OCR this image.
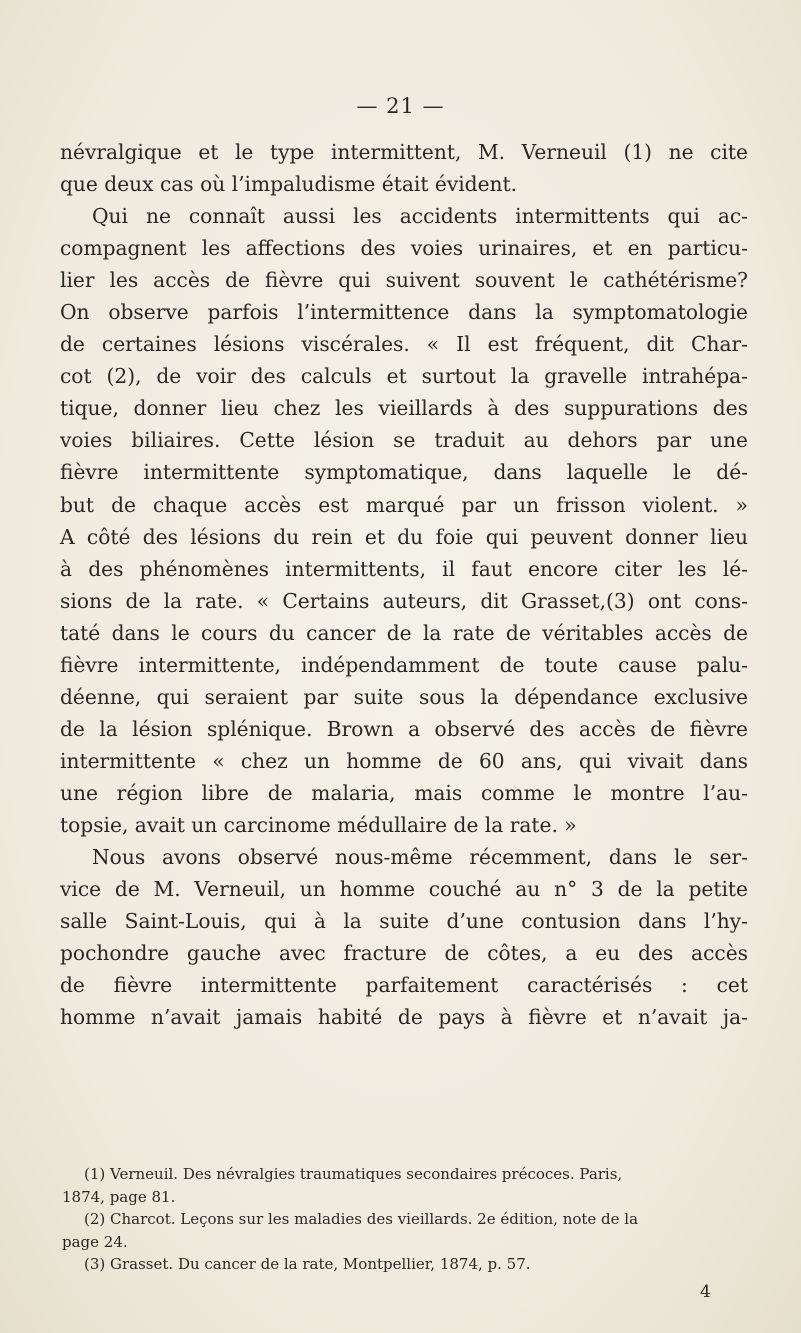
— 21 —
névralgique et le type intermittent, M. Verneuil (1) ne cite
que deux cas où l’impaludisme était évident.
Qui ne connaît aussi les accidents intermittents qui ac-
compagnent les affections des voies urinaires, et en particu-
lier les accès de fièvre qui suivent souvent le cathétérisme?
On observe parfois l’intermittence dans la symptomatologie
de certaines lésions viscérales. « Il est fréquent, dit Char-
cot (2), de voir des calculs et surtout la gravelle intrahépa-
tique, donner lieu chez les vieillards à des suppurations des
voies biliaires. Cette lésion se traduit au dehors par une
fièvre intermittente symptomatique, dans laquelle le dé-
but de chaque accès est marqué par un frisson violent. »
A côté des lésions du rein et du foie qui peuvent donner lieu
à des phénomènes intermittents, il faut encore citer les lé-
sions de la rate. « Certains auteurs, dit Grasset,(3) ont cons-
taté dans le cours du cancer de la rate de véritables accès de
fièvre intermittente, indépendamment de toute cause palu-
déenne, qui seraient par suite sous la dépendance exclusive
de la lésion splénique. Brown a observé des accès de fièvre
intermittente « chez un homme de 60 ans, qui vivait dans
une région libre de malaria, mais comme le montre l’au-
topsie, avait un carcinome médullaire de la rate. »
Nous avons observé nous-même récemment, dans le ser-
vice de M. Verneuil, un homme couché au n° 3 de la petite
salle Saint-Louis, qui à la suite d’une contusion dans l’hy-
pochondre gauche avec fracture de côtes, a eu des accès
de fièvre intermittente parfaitement caractérisés : cet
homme n’avait jamais habité de pays à fièvre et n’avait ja-
(1) Verneuil. Des névralgies traumatiques secondaires précoces. Paris,
1874, page 81.
(2) Charcot. Leçons sur les maladies des vieillards. 2e édition, note de la
page 24.
(3) Grasset. Du cancer de la rate, Montpellier, 1874, p. 57.
4
